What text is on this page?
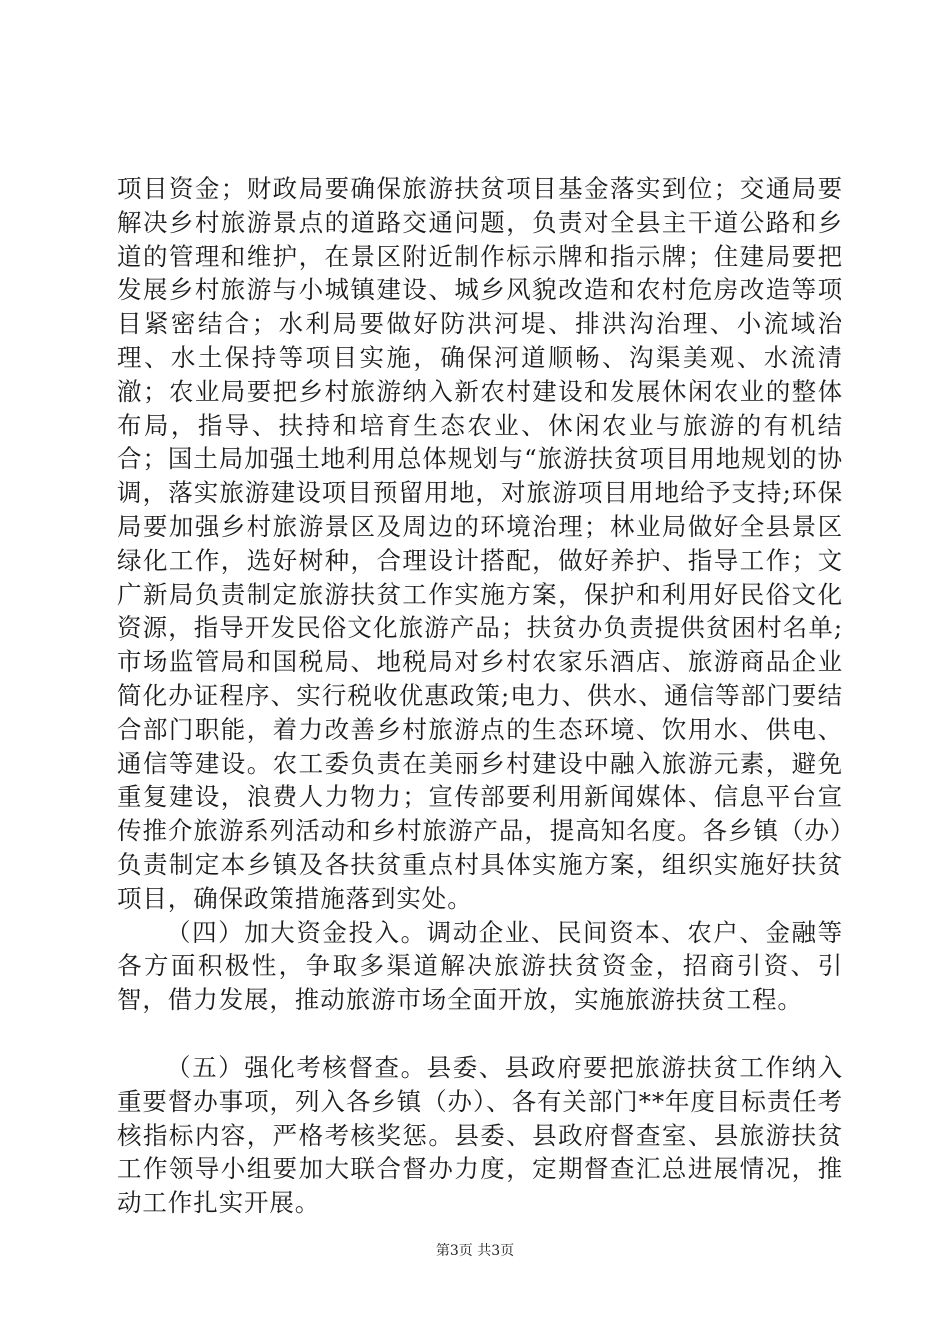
项目资金；财政局要确保旅游扶贫项目基金落实到位；交通局要解决乡村旅游景点的道路交通问题，负责对全县主干道公路和乡道的管理和维护，在景区附近制作标示牌和指示牌；住建局要把发展乡村旅游与小城镇建设、城乡风貌改造和农村危房改造等项目紧密结合；水利局要做好防洪河堤、排洪沟治理、小流域治理、水土保持等项目实施，确保河道顺畅、沟渠美观、水流清澈；农业局要把乡村旅游纳入新农村建设和发展休闲农业的整体布局，指导、扶持和培育生态农业、休闲农业与旅游的有机结合；国土局加强土地利用总体规划与“旅游扶贫项目用地规划的协调，落实旅游建设项目预留用地，对旅游项目用地给予支持;环保局要加强乡村旅游景区及周边的环境治理；林业局做好全县景区绿化工作，选好树种，合理设计搭配，做好养护、指导工作；文广新局负责制定旅游扶贫工作实施方案，保护和利用好民俗文化资源，指导开发民俗文化旅游产品；扶贫办负责提供贫困村名单;市场监管局和国税局、地税局对乡村农家乐酒店、旅游商品企业简化办证程序、实行税收优惠政策;电力、供水、通信等部门要结合部门职能，着力改善乡村旅游点的生态环境、饮用水、供电、通信等建设。农工委负责在美丽乡村建设中融入旅游元素，避免重复建设，浪费人力物力；宣传部要利用新闻媒体、信息平台宣传推介旅游系列活动和乡村旅游产品，提高知名度。各乡镇（办）负责制定本乡镇及各扶贫重点村具体实施方案，组织实施好扶贫项目，确保政策措施落到实处。

（四）加大资金投入。调动企业、民间资本、农户、金融等各方面积极性，争取多渠道解决旅游扶贫资金，招商引资、引智，借力发展，推动旅游市场全面开放，实施旅游扶贫工程。

（五）强化考核督查。县委、县政府要把旅游扶贫工作纳入重要督办事项，列入各乡镇（办）、各有关部门**年度目标责任考核指标内容，严格考核奖惩。县委、县政府督查室、县旅游扶贫工作领导小组要加大联合督办力度，定期督查汇总进展情况，推动工作扎实开展。

第3页 共3页
